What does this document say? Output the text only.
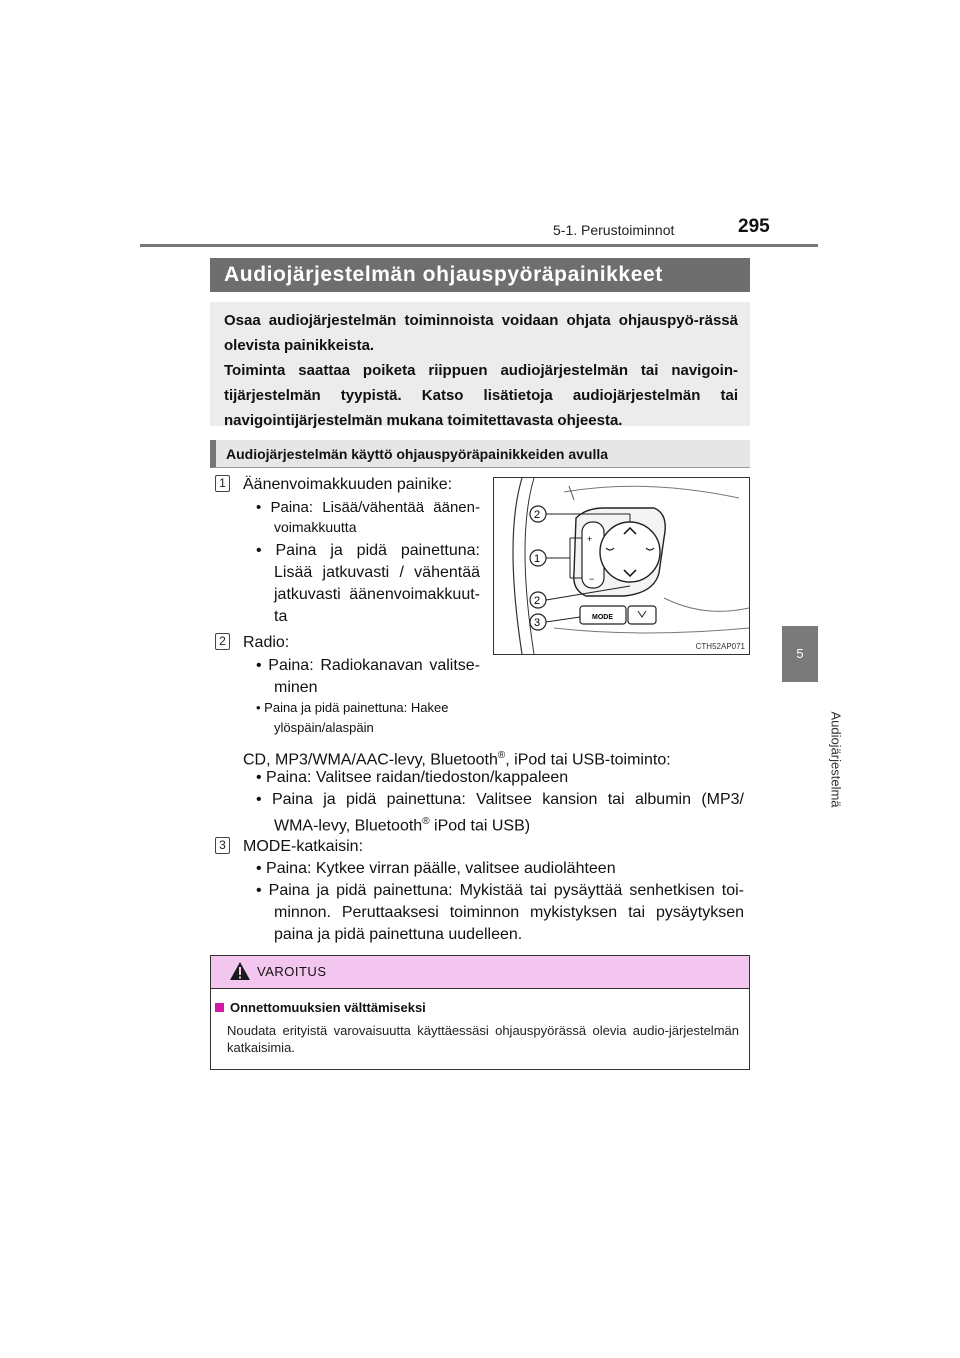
5-1. Perustoiminnot	295
5
Audiojärjestelmä
Audiojärjestelmän ohjauspyöräpainikkeet

Osaa audiojärjestelmän toiminnoista voidaan ohjata ohjauspyö-rässä olevista painikkeista.

Toiminta saattaa poiketa riippuen audiojärjestelmän tai navigoin-tijärjestelmän tyypistä. Katso lisätietoja audiojärjestelmän tai navigointijärjestelmän mukana toimitettavasta ohjeesta.

Audiojärjestelmän käyttö ohjauspyöräpainikkeiden avulla
1 Äänenvoimakkuuden painike:
• Paina: Lisää/vähentää äänen-
voimakkuutta
• Paina ja pidä painettuna:
Lisää jatkuvasti / vähentää
jatkuvasti äänenvoimakkuut-
ta
2 Radio:
• Paina: Radiokanavan valitse-
minen
• Paina ja pidä painettuna: Hakee
ylöspäin/alaspäin
CD, MP3/WMA/AAC-levy, Bluetooth®, iPod tai USB-toiminto:
• Paina: Valitsee raidan/tiedoston/kappaleen
• Paina ja pidä painettuna: Valitsee kansion tai albumin (MP3/
WMA-levy, Bluetooth® iPod tai USB)
3 MODE-katkaisin:
• Paina: Kytkee virran päälle, valitsee audiolähteen
• Paina ja pidä painettuna: Mykistää tai pysäyttää senhetkisen toi-
minnon. Peruttaaksesi toiminnon mykistyksen tai pysäytyksen
paina ja pidä painettuna uudelleen.
+
−
MODE
2
1
2
3
CTH52AP071
VAROITUS
Onnettomuuksien välttämiseksi
Noudata erityistä varovaisuutta käyttäessäsi ohjauspyörässä olevia audio-järjestelmän katkaisimia.
